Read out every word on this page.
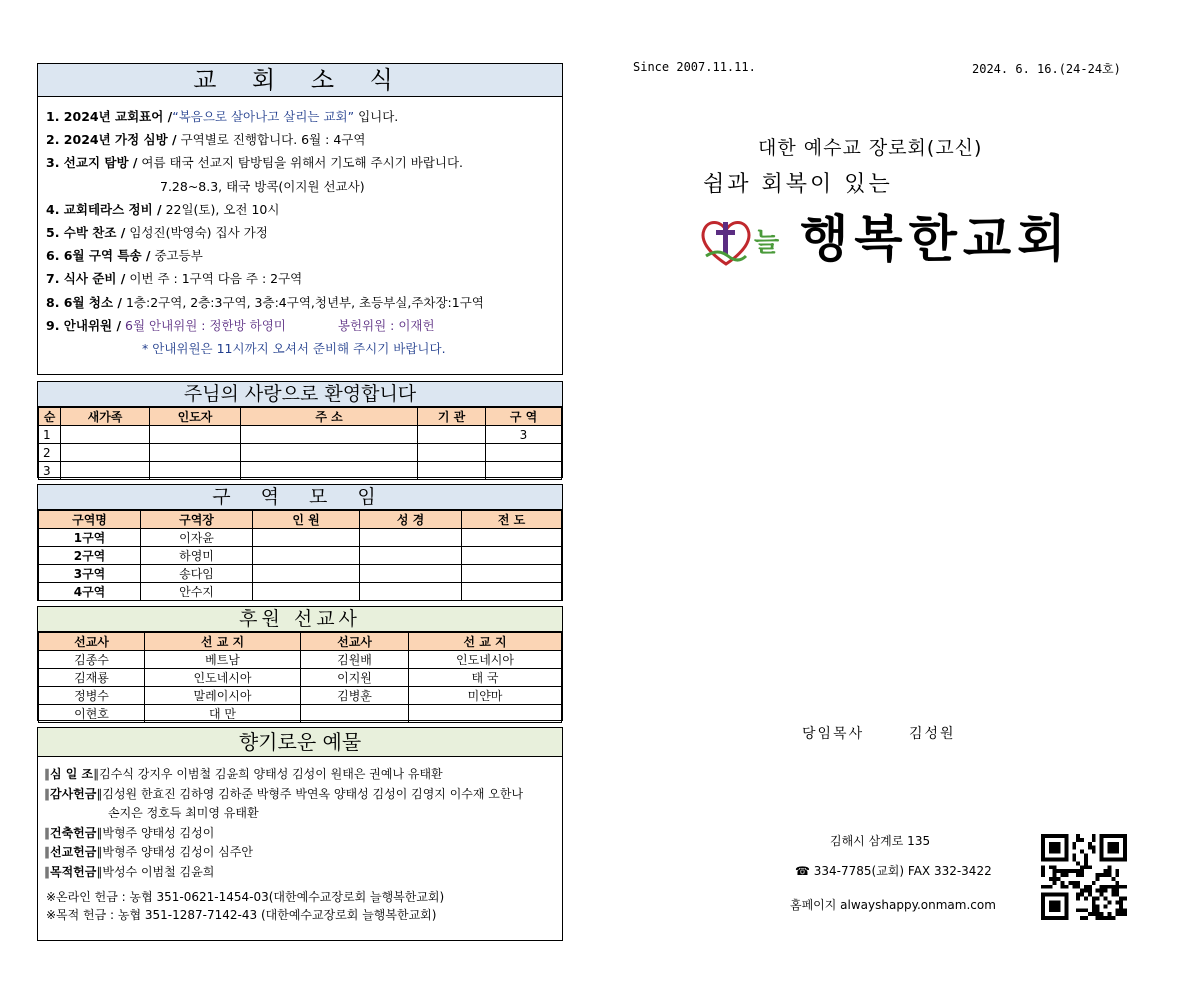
교 회 소 식
1. 2024년 교회표어 /“복음으로 살아나고 살리는 교회” 입니다.
2. 2024년 가정 심방 / 구역별로 진행합니다. 6월 : 4구역
3. 선교지 탐방 / 여름 태국 선교지 탐방팀을 위해서 기도해 주시기 바랍니다.
7.28~8.3, 태국 방콕(이지원 선교사)
4. 교회테라스 정비 / 22일(토), 오전 10시
5. 수박 찬조 / 임성진(박영숙) 집사 가정
6. 6월 구역 특송 / 중고등부
7. 식사 준비 / 이번 주 : 1구역 다음 주 : 2구역
8. 6월 청소 / 1층:2구역, 2층:3구역, 3층:4구역,청년부, 초등부실,주차장:1구역
9. 안내위원 / 6월 안내위원 : 정한방 하영미	봉헌위원 : 이재헌
* 안내위원은 11시까지 오셔서 준비해 주시기 바랍니다.
주님의 사랑으로 환영합니다
순	새가족	인도자	주 소	기 관	구 역
1					3
2					
3					
구 역 모 임
구역명	구역장	인 원	성 경	전 도
1구역	이자윤			
2구역	하영미			
3구역	송다임			
4구역	안수지			
후원 선교사
선교사	선 교 지	선교사	선 교 지
김종수	베트남	김원배	인도네시아
김재룡	인도네시아	이지원	태 국
정병수	말레이시아	김병훈	미얀마
이현호	대 만		
향기로운 예물
∥심 일 조∥김수식 강지우 이범철 김윤희 양태성 김성이 원태은 권예나 유태환
∥감사헌금∥김성원 한효진 김하영 김하준 박형주 박연옥 양태성 김성이 김영지 이수재 오한나
손지은 정호득 최미영 유태환
∥건축헌금∥박형주 양태성 김성이
∥선교헌금∥박형주 양태성 김성이 심주안
∥목적헌금∥박성수 이범철 김윤희
※온라인 헌금 : 농협 351-0621-1454-03(대한예수교장로회 늘행복한교회)
※목적 헌금 : 농협 351-1287-7142-43 (대한예수교장로회 늘행복한교회)
Since 2007.11.11.	2024. 6. 16.(24-24호)
대한 예수교 장로회(고신)
쉼과 회복이 있는
늘 행복한교회
당임목사	김성원
김해시 삼계로 135
☎ 334-7785(교회) FAX 332-3422
홈페이지 alwayshappy.onmam.com
